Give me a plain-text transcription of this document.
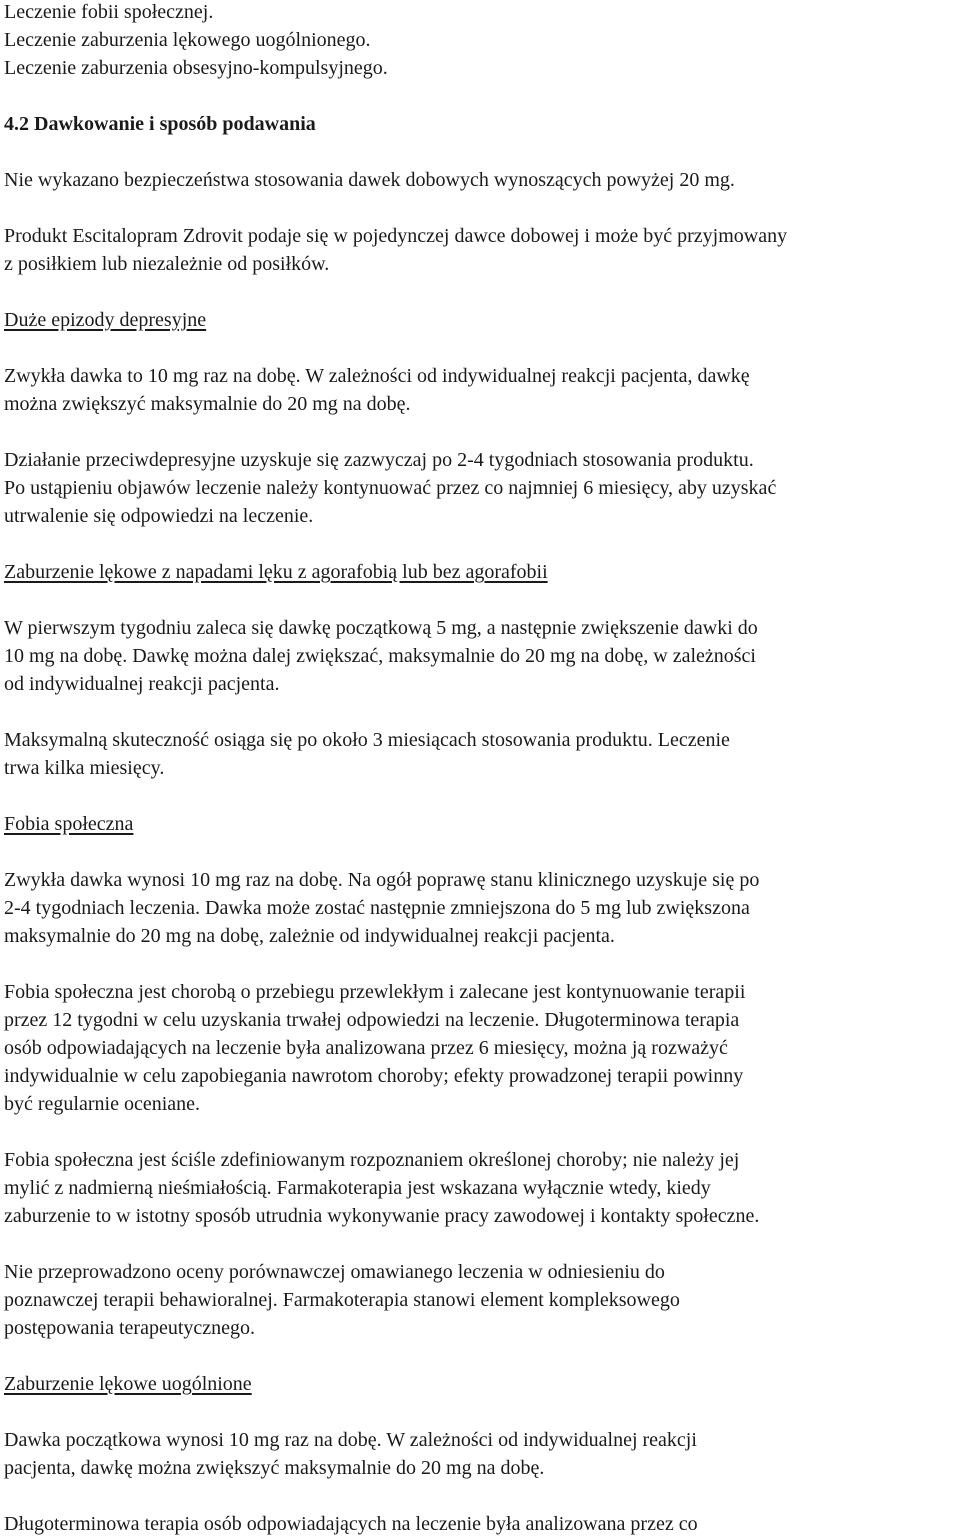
Leczenie fobii społecznej.

Leczenie zaburzenia lękowego uogólnionego.

Leczenie zaburzenia obsesyjno-kompulsyjnego.

4.2 Dawkowanie i sposób podawania

Nie wykazano bezpieczeństwa stosowania dawek dobowych wynoszących powyżej 20 mg.

Produkt Escitalopram Zdrovit podaje się w pojedynczej dawce dobowej i może być przyjmowany

z posiłkiem lub niezależnie od posiłków.

Duże epizody depresyjne

Zwykła dawka to 10 mg raz na dobę. W zależności od indywidualnej reakcji pacjenta, dawkę

można zwiększyć maksymalnie do 20 mg na dobę.

Działanie przeciwdepresyjne uzyskuje się zazwyczaj po 2-4 tygodniach stosowania produktu.

Po ustąpieniu objawów leczenie należy kontynuować przez co najmniej 6 miesięcy, aby uzyskać

utrwalenie się odpowiedzi na leczenie.

Zaburzenie lękowe z napadami lęku z agorafobią lub bez agorafobii

W pierwszym tygodniu zaleca się dawkę początkową 5 mg, a następnie zwiększenie dawki do

10 mg na dobę. Dawkę można dalej zwiększać, maksymalnie do 20 mg na dobę, w zależności

od indywidualnej reakcji pacjenta.

Maksymalną skuteczność osiąga się po około 3 miesiącach stosowania produktu. Leczenie

trwa kilka miesięcy.

Fobia społeczna

Zwykła dawka wynosi 10 mg raz na dobę. Na ogół poprawę stanu klinicznego uzyskuje się po

2-4 tygodniach leczenia. Dawka może zostać następnie zmniejszona do 5 mg lub zwiększona

maksymalnie do 20 mg na dobę, zależnie od indywidualnej reakcji pacjenta.

Fobia społeczna jest chorobą o przebiegu przewlekłym i zalecane jest kontynuowanie terapii

przez 12 tygodni w celu uzyskania trwałej odpowiedzi na leczenie. Długoterminowa terapia

osób odpowiadających na leczenie była analizowana przez 6 miesięcy, można ją rozważyć

indywidualnie w celu zapobiegania nawrotom choroby; efekty prowadzonej terapii powinny

być regularnie oceniane.

Fobia społeczna jest ściśle zdefiniowanym rozpoznaniem określonej choroby; nie należy jej

mylić z nadmierną nieśmiałością. Farmakoterapia jest wskazana wyłącznie wtedy, kiedy

zaburzenie to w istotny sposób utrudnia wykonywanie pracy zawodowej i kontakty społeczne.

Nie przeprowadzono oceny porównawczej omawianego leczenia w odniesieniu do

poznawczej terapii behawioralnej. Farmakoterapia stanowi element kompleksowego

postępowania terapeutycznego.

Zaburzenie lękowe uogólnione

Dawka początkowa wynosi 10 mg raz na dobę. W zależności od indywidualnej reakcji

pacjenta, dawkę można zwiększyć maksymalnie do 20 mg na dobę.

Długoterminowa terapia osób odpowiadających na leczenie była analizowana przez co
